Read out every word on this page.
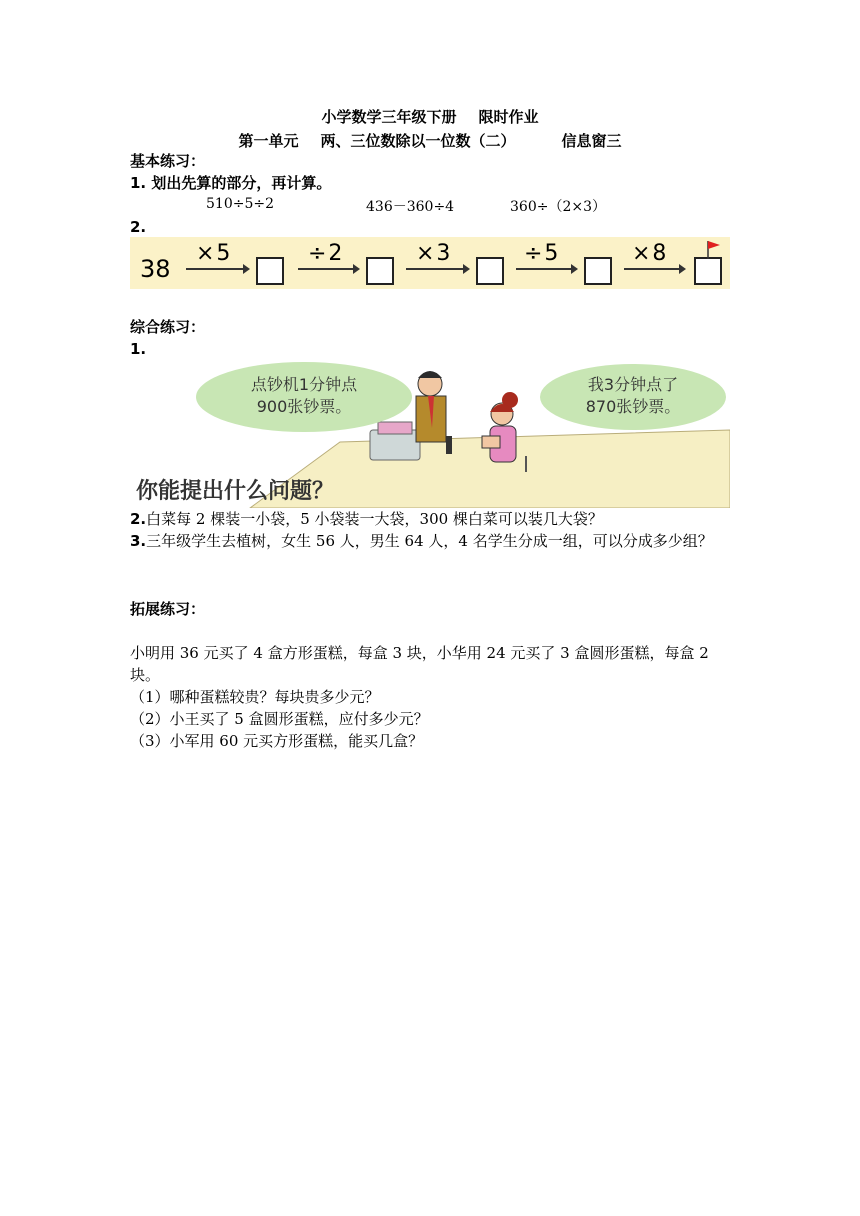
小学数学三年级下册 限时作业
第一单元 两、三位数除以一位数（二）	信息窗三
基本练习：
1. 划出先算的部分，再计算。
510÷5÷2	436－360÷4	360÷（2×3）
2.
38
×5	÷2	×3	÷5	×8
综合练习：
1.
点钞机1分钟点
900张钞票。
我3分钟点了
870张钞票。
你能提出什么问题？
2.白菜每 2 棵装一小袋，5 小袋装一大袋，300 棵白菜可以装几大袋？
3.三年级学生去植树，女生 56 人，男生 64 人，4 名学生分成一组，可以分成多少组？
拓展练习：
小明用 36 元买了 4 盒方形蛋糕，每盒 3 块，小华用 24 元买了 3 盒圆形蛋糕，每盒 2 块。
（1）哪种蛋糕较贵？每块贵多少元？
（2）小王买了 5 盒圆形蛋糕，应付多少元？
（3）小军用 60 元买方形蛋糕，能买几盒？
